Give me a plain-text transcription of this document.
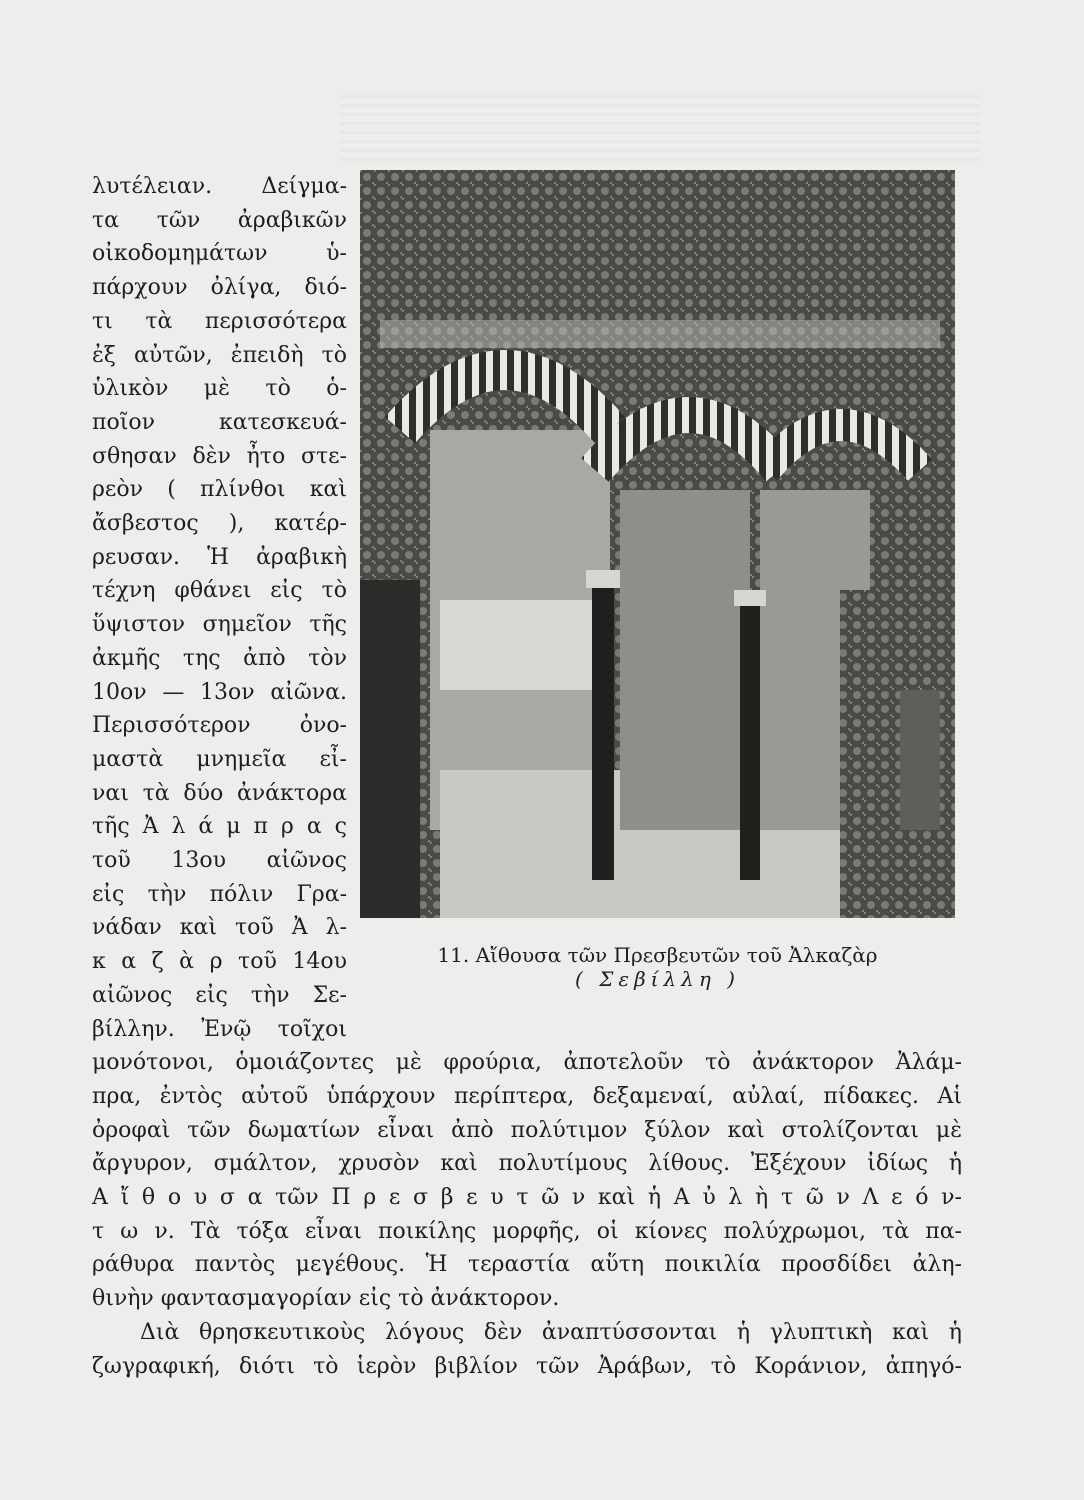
λυτέλειαν. Δείγμα-
τα τῶν ἀραβικῶν
οἰκοδομημάτων ὑ-
πάρχουν ὀλίγα, διό-
τι τὰ περισσότερα
ἐξ αὐτῶν, ἐπειδὴ τὸ
ὑλικὸν μὲ τὸ ὁ-
ποῖον κατεσκευά-
σθησαν δὲν ἦτο στε-
ρεὸν ( πλίνθοι καὶ
ἄσβεστος ), κατέρ-
ρευσαν. Ἡ ἀραβικὴ
τέχνη φθάνει εἰς τὸ
ὕψιστον σημεῖον τῆς
ἀκμῆς της ἀπὸ τὸν
10ον — 13ον αἰῶνα.
Περισσότερον ὀνο-
μαστὰ μνημεῖα εἶ-
ναι τὰ δύο ἀνάκτορα
τῆς Ἀ λ ά μ π ρ α ς
τοῦ 13ου αἰῶνος
εἰς τὴν πόλιν Γρα-
νάδαν καὶ τοῦ Ἀ λ-
κ α ζ ὰ ρ τοῦ 14ου
αἰῶνος εἰς τὴν Σε-
βίλλην. Ἐνῷ τοῖχοι
11. Αἴθουσα τῶν Πρεσβευτῶν τοῦ Ἀλκαζὰρ
( Σεβίλλη )
μονότονοι, ὁμοιάζοντες μὲ φρούρια, ἀποτελοῦν τὸ ἀνάκτορον Ἀλάμ-
πρα, ἐντὸς αὐτοῦ ὑπάρχουν περίπτερα, δεξαμεναί, αὐλαί, πίδακες. Αἱ
ὀροφαὶ τῶν δωματίων εἶναι ἀπὸ πολύτιμον ξύλον καὶ στολίζονται μὲ
ἄργυρον, σμάλτον, χρυσὸν καὶ πολυτίμους λίθους. Ἐξέχουν ἰδίως ἡ
Α ἴ θ ο υ σ α τῶν Π ρ ε σ β ε υ τ ῶ ν καὶ ἡ Α ὐ λ ὴ τ ῶ ν Λ ε ό ν-
τ ω ν. Τὰ τόξα εἶναι ποικίλης μορφῆς, οἱ κίονες πολύχρωμοι, τὰ πα-
ράθυρα παντὸς μεγέθους. Ἡ τεραστία αὕτη ποικιλία προσδίδει ἀλη-
θινὴν φαντασμαγορίαν εἰς τὸ ἀνάκτορον.
Διὰ θρησκευτικοὺς λόγους δὲν ἀναπτύσσονται ἡ γλυπτικὴ καὶ ἡ
ζωγραφική, διότι τὸ ἱερὸν βιβλίον τῶν Ἀράβων, τὸ Κοράνιον, ἀπηγό-
